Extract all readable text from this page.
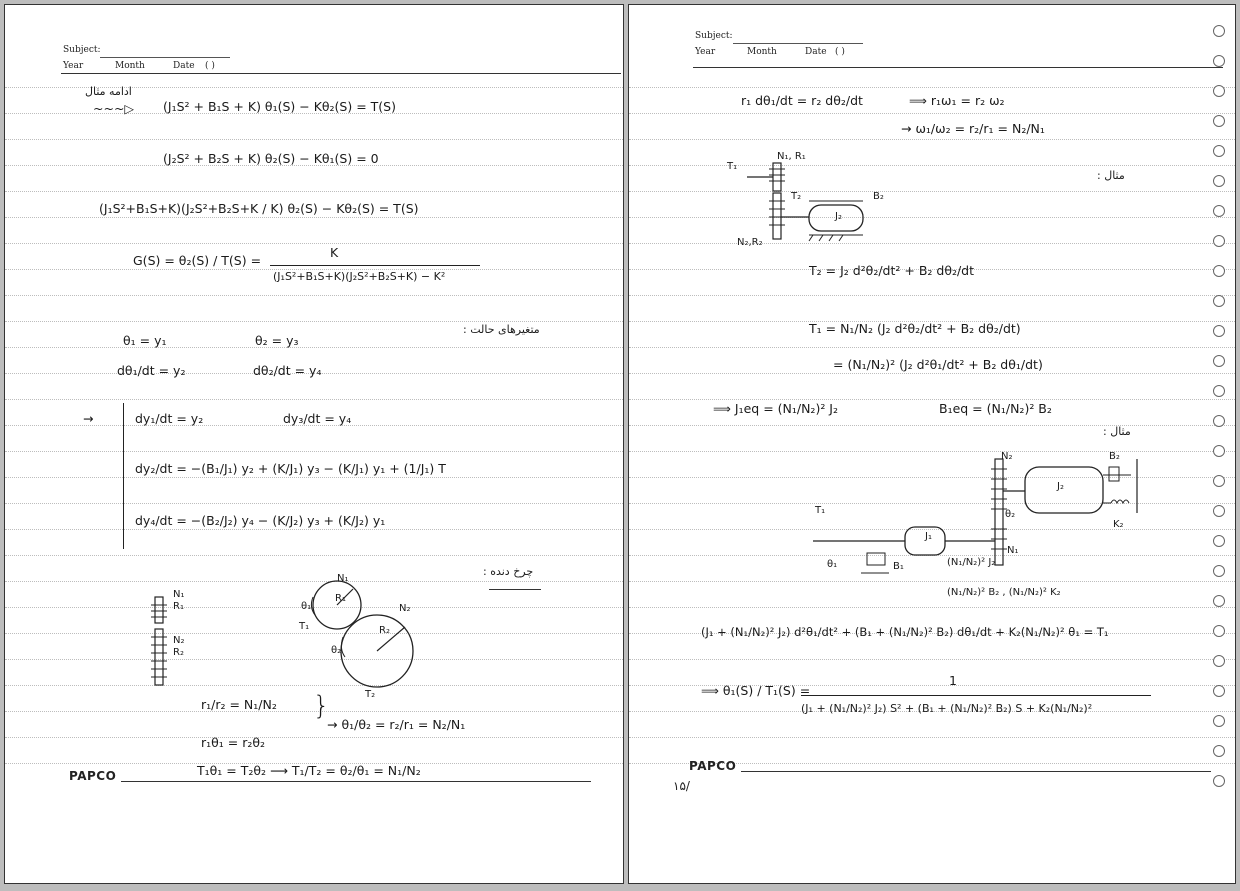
Subject:
Year	Month	Date ( )
ادامه مثال
~~~▷ (J₁S² + B₁S + K) θ₁(S) − Kθ₂(S) = T(S)
(J₂S² + B₂S + K) θ₂(S) − Kθ₁(S) = 0
(J₁S²+B₁S+K)(J₂S²+B₂S+K / K) θ₂(S) − Kθ₂(S) = T(S)
G(S) = θ₂(S) / T(S) =
K
(J₁S²+B₁S+K)(J₂S²+B₂S+K) − K²
متغیرهای حالت :
θ₁ = y₁	θ₂ = y₃
dθ₁/dt = y₂	dθ₂/dt = y₄
→	dy₁/dt = y₂	dy₃/dt = y₄
dy₂/dt = −(B₁/J₁) y₂ + (K/J₁) y₃ − (K/J₁) y₁ + (1/J₁) T
dy₄/dt = −(B₂/J₂) y₄ − (K/J₂) y₃ + (K/J₂) y₁
چرخ دنده :
N₁
R₁
N₂
R₂
N₁
R₁
θ₁
T₁
N₂
R₂
θ₂
T₂
r₁/r₂ = N₁/N₂
r₁θ₁ = r₂θ₂
}
→ θ₁/θ₂ = r₂/r₁ = N₂/N₁
T₁θ₁ = T₂θ₂ ⟶ T₁/T₂ = θ₂/θ₁ = N₁/N₂
PAPCO
Subject:
Year	Month	Date ( )
r₁ dθ₁/dt = r₂ dθ₂/dt	⟹ r₁ω₁ = r₂ ω₂
→ ω₁/ω₂ = r₂/r₁ = N₂/N₁
مثال :
T₁
N₁, R₁
T₂	B₂
J₂
N₂,R₂
T₂ = J₂ d²θ₂/dt² + B₂ dθ₂/dt
T₁ = N₁/N₂ (J₂ d²θ₂/dt² + B₂ dθ₂/dt)
= (N₁/N₂)² (J₂ d²θ₁/dt² + B₂ dθ₁/dt)
⟹ J₁eq = (N₁/N₂)² J₂	B₁eq = (N₁/N₂)² B₂
مثال :
N₂	B₂
J₂
θ₂
K₂
T₁
J₁
N₁
θ₁	B₁	(N₁/N₂)² J₂
(N₁/N₂)² B₂ , (N₁/N₂)² K₂
(J₁ + (N₁/N₂)² J₂) d²θ₁/dt² + (B₁ + (N₁/N₂)² B₂) dθ₁/dt + K₂(N₁/N₂)² θ₁ = T₁
⟹ θ₁(S) / T₁(S) =
1
(J₁ + (N₁/N₂)² J₂) S² + (B₁ + (N₁/N₂)² B₂) S + K₂(N₁/N₂)²
PAPCO
۱۵/
